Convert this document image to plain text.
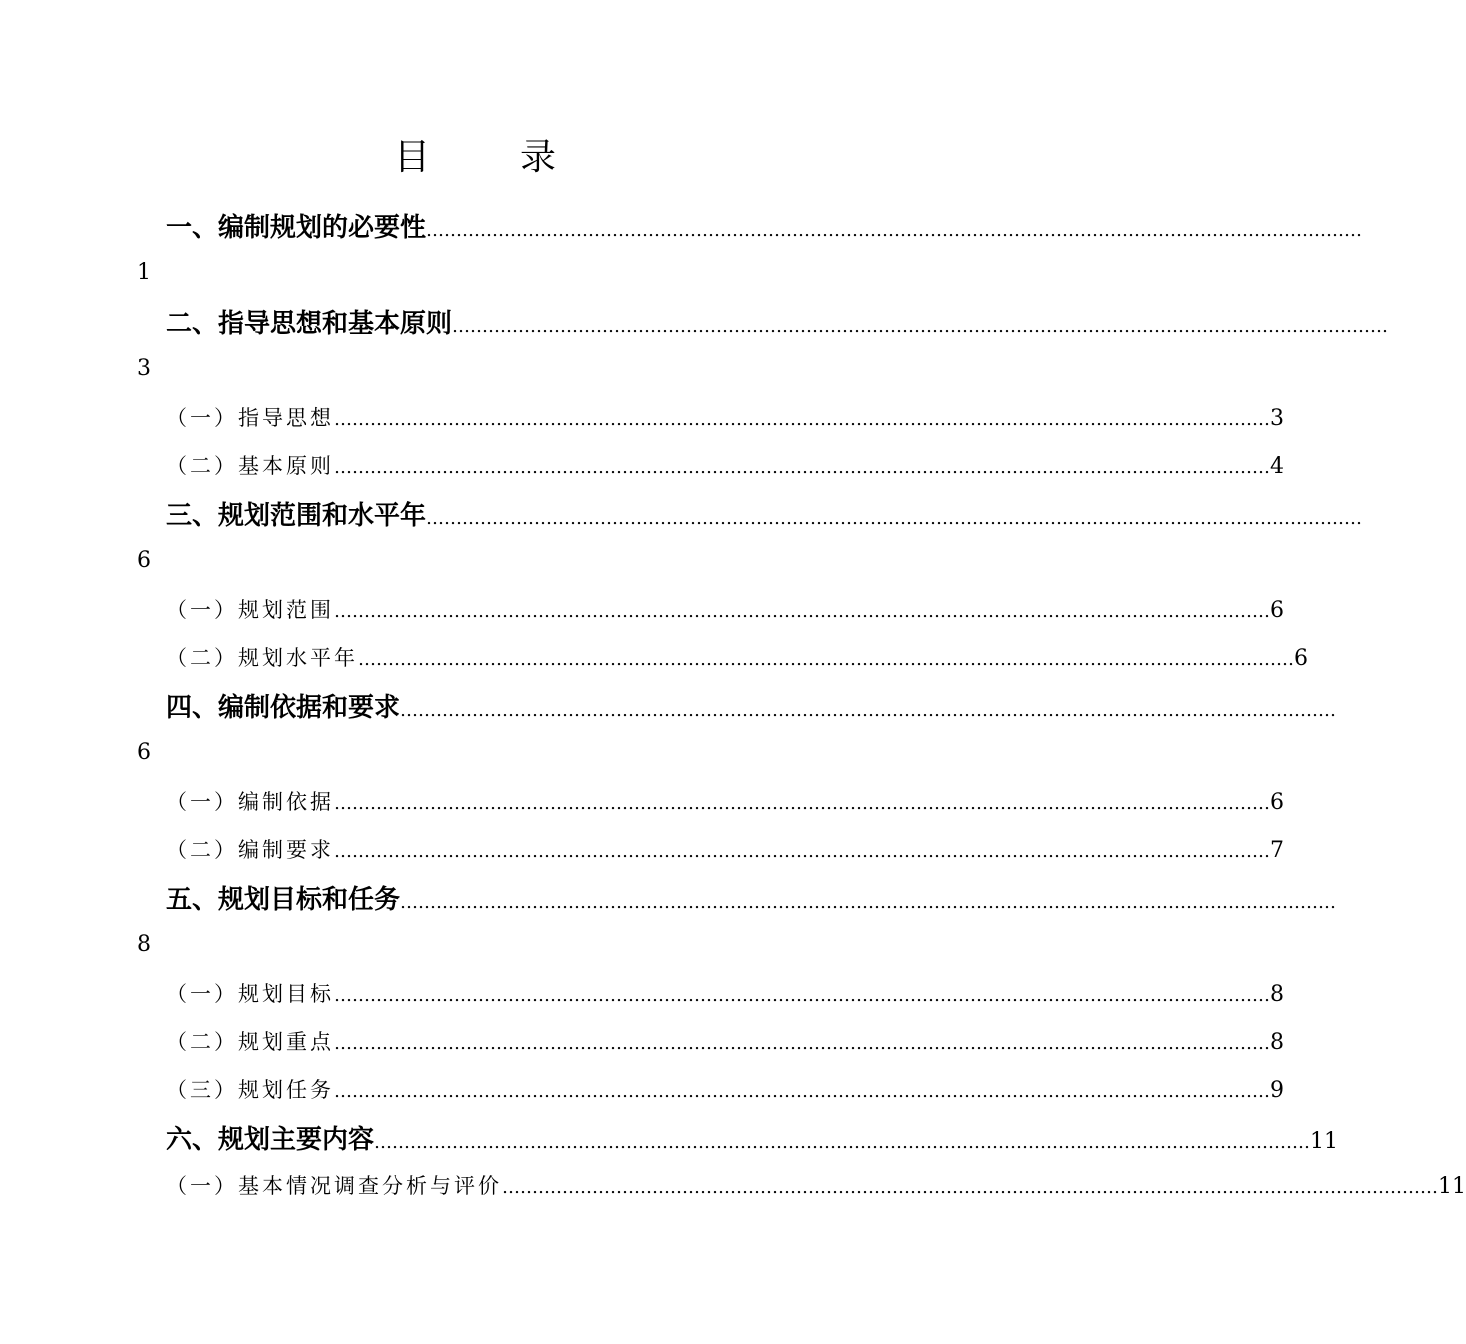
目	录
一、编制规划的必要性 …………………………………………………………………………………………………………………………………………
1
二、指导思想和基本原则 …………………………………………………………………………………………………………………………………………
3
（一）指导思想 ………………………………………………………………………………………………………………………………………… 3
（二）基本原则 ………………………………………………………………………………………………………………………………………… 4
三、规划范围和水平年 …………………………………………………………………………………………………………………………………………
6
（一）规划范围 ………………………………………………………………………………………………………………………………………… 6
（二）规划水平年 ………………………………………………………………………………………………………………………………………… 6
四、编制依据和要求 …………………………………………………………………………………………………………………………………………
6
（一）编制依据 ………………………………………………………………………………………………………………………………………… 6
（二）编制要求 ………………………………………………………………………………………………………………………………………… 7
五、规划目标和任务 …………………………………………………………………………………………………………………………………………
8
（一）规划目标 ………………………………………………………………………………………………………………………………………… 8
（二）规划重点 ………………………………………………………………………………………………………………………………………… 8
（三）规划任务 ………………………………………………………………………………………………………………………………………… 9
六、规划主要内容 ………………………………………………………………………………………………………………………………………… 11
（一）基本情况调查分析与评价 ………………………………………………………………………………………………………………………………………… 11
